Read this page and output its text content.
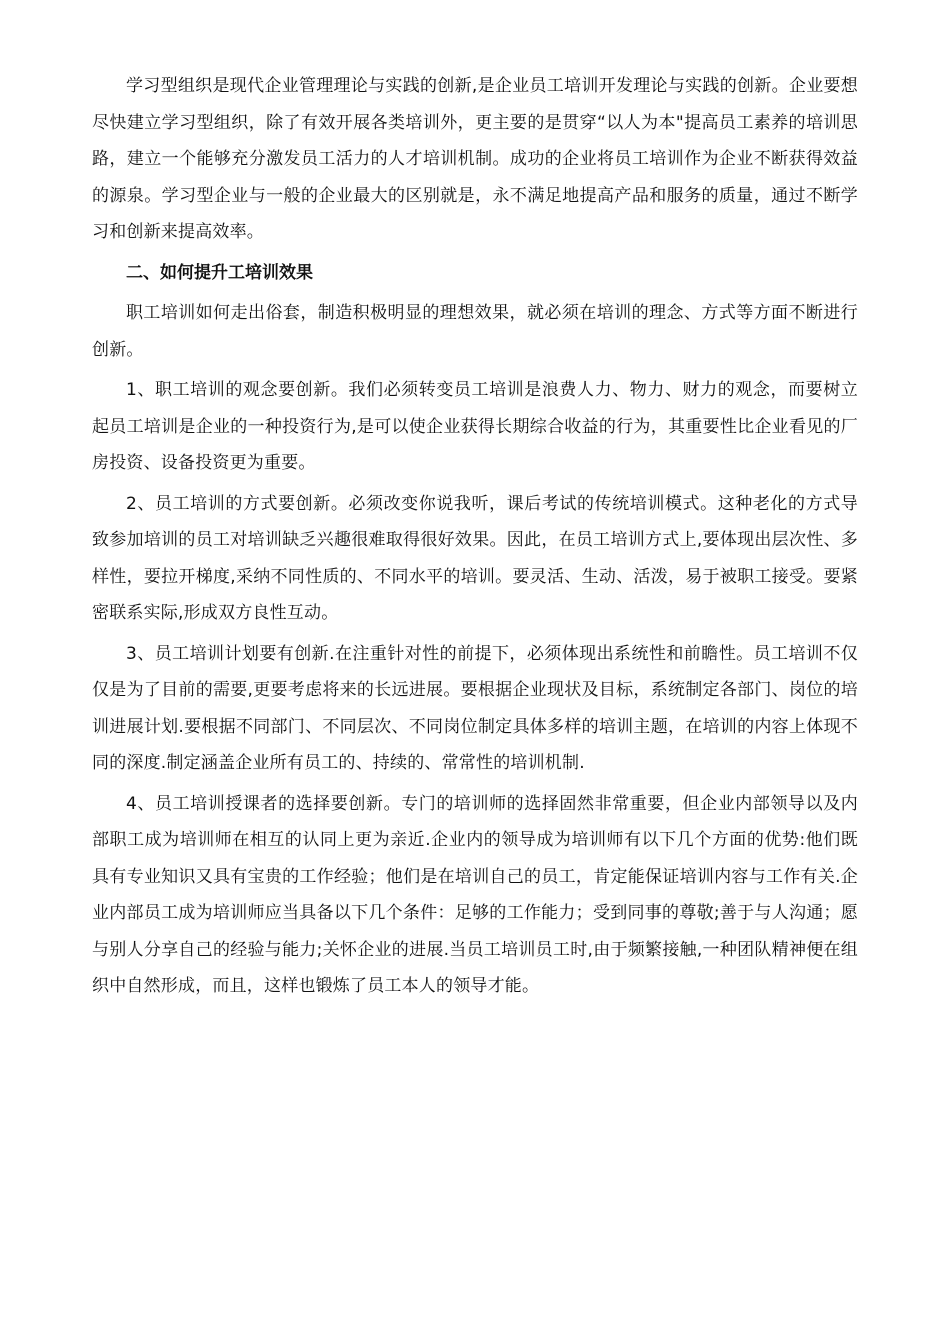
学习型组织是现代企业管理理论与实践的创新,是企业员工培训开发理论与实践的创新。企业要想尽快建立学习型组织，除了有效开展各类培训外，更主要的是贯穿“以人为本"提高员工素养的培训思路，建立一个能够充分激发员工活力的人才培训机制。成功的企业将员工培训作为企业不断获得效益的源泉。学习型企业与一般的企业最大的区别就是，永不满足地提高产品和服务的质量，通过不断学习和创新来提高效率。

二、如何提升工培训效果

职工培训如何走出俗套，制造积极明显的理想效果，就必须在培训的理念、方式等方面不断进行创新。

1、职工培训的观念要创新。我们必须转变员工培训是浪费人力、物力、财力的观念，而要树立起员工培训是企业的一种投资行为,是可以使企业获得长期综合收益的行为，其重要性比企业看见的厂房投资、设备投资更为重要。

2、员工培训的方式要创新。必须改变你说我听，课后考试的传统培训模式。这种老化的方式导致参加培训的员工对培训缺乏兴趣很难取得很好效果。因此，在员工培训方式上,要体现出层次性、多样性，要拉开梯度,采纳不同性质的、不同水平的培训。要灵活、生动、活泼，易于被职工接受。要紧密联系实际,形成双方良性互动。

3、员工培训计划要有创新.在注重针对性的前提下，必须体现出系统性和前瞻性。员工培训不仅仅是为了目前的需要,更要考虑将来的长远进展。要根据企业现状及目标，系统制定各部门、岗位的培训进展计划.要根据不同部门、不同层次、不同岗位制定具体多样的培训主题，在培训的内容上体现不同的深度.制定涵盖企业所有员工的、持续的、常常性的培训机制.

4、员工培训授课者的选择要创新。专门的培训师的选择固然非常重要，但企业内部领导以及内部职工成为培训师在相互的认同上更为亲近.企业内的领导成为培训师有以下几个方面的优势:他们既具有专业知识又具有宝贵的工作经验；他们是在培训自己的员工，肯定能保证培训内容与工作有关.企业内部员工成为培训师应当具备以下几个条件：足够的工作能力；受到同事的尊敬;善于与人沟通；愿与别人分享自己的经验与能力;关怀企业的进展.当员工培训员工时,由于频繁接触,一种团队精神便在组织中自然形成，而且，这样也锻炼了员工本人的领导才能。
